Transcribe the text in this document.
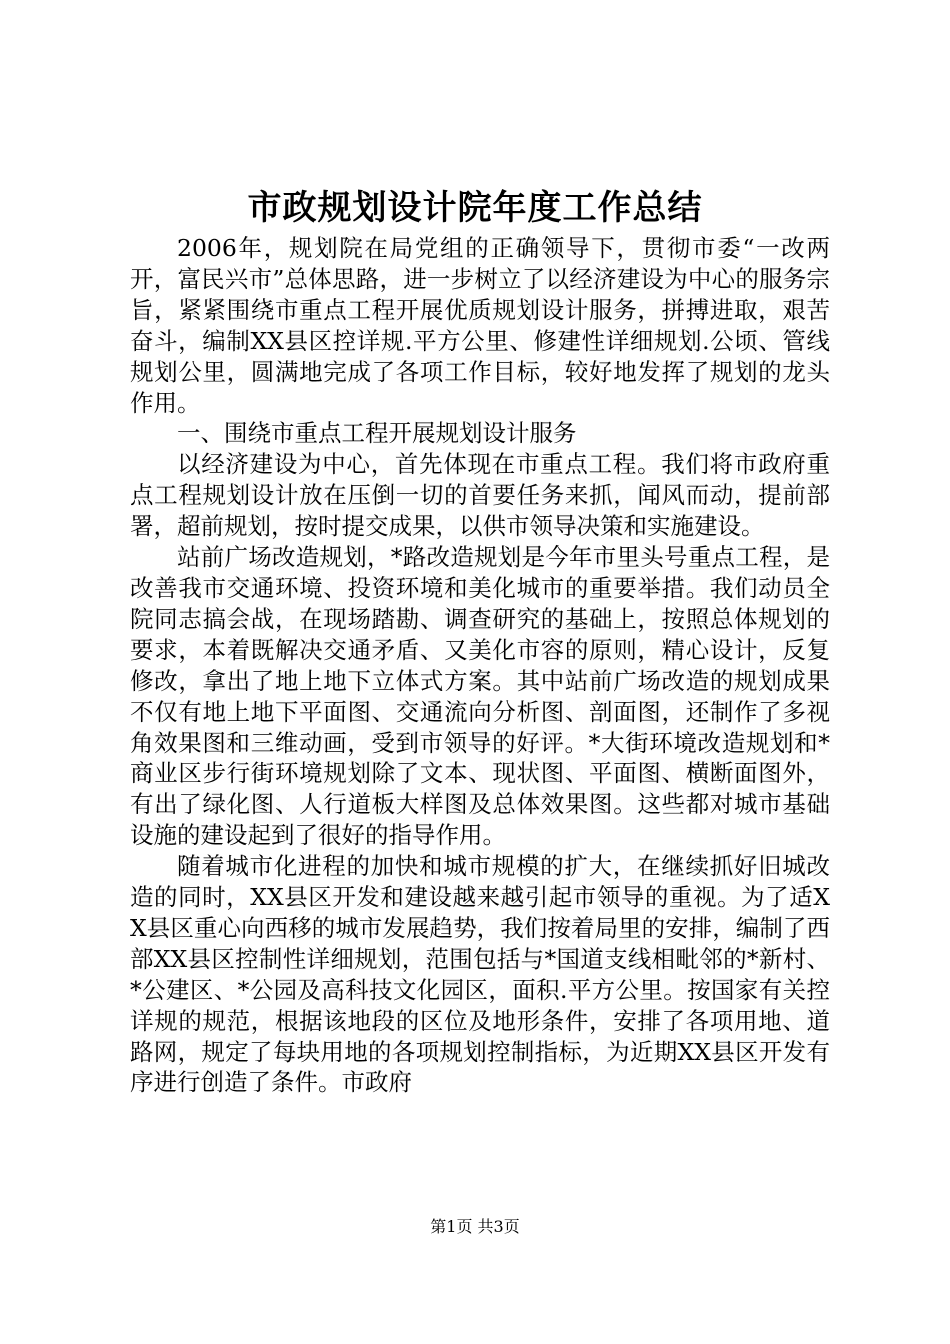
市政规划设计院年度工作总结

2006年，规划院在局党组的正确领导下，贯彻市委“一改两开，富民兴市”总体思路，进一步树立了以经济建设为中心的服务宗旨，紧紧围绕市重点工程开展优质规划设计服务，拼搏进取，艰苦奋斗，编制XX县区控详规.平方公里、修建性详细规划.公顷、管线规划公里，圆满地完成了各项工作目标，较好地发挥了规划的龙头作用。

一、围绕市重点工程开展规划设计服务

以经济建设为中心，首先体现在市重点工程。我们将市政府重点工程规划设计放在压倒一切的首要任务来抓，闻风而动，提前部署，超前规划，按时提交成果，以供市领导决策和实施建设。

站前广场改造规划，*路改造规划是今年市里头号重点工程，是改善我市交通环境、投资环境和美化城市的重要举措。我们动员全院同志搞会战，在现场踏勘、调查研究的基础上，按照总体规划的要求，本着既解决交通矛盾、又美化市容的原则，精心设计，反复修改，拿出了地上地下立体式方案。其中站前广场改造的规划成果不仅有地上地下平面图、交通流向分析图、剖面图，还制作了多视角效果图和三维动画，受到市领导的好评。*大街环境改造规划和*商业区步行街环境规划除了文本、现状图、平面图、横断面图外，有出了绿化图、人行道板大样图及总体效果图。这些都对城市基础设施的建设起到了很好的指导作用。

随着城市化进程的加快和城市规模的扩大，在继续抓好旧城改造的同时，XX县区开发和建设越来越引起市领导的重视。为了适XX县区重心向西移的城市发展趋势，我们按着局里的安排，编制了西部XX县区控制性详细规划，范围包括与*国道支线相毗邻的*新村、*公建区、*公园及高科技文化园区，面积.平方公里。按国家有关控详规的规范，根据该地段的区位及地形条件，安排了各项用地、道路网，规定了每块用地的各项规划控制指标，为近期XX县区开发有序进行创造了条件。市政府

第1页 共3页
